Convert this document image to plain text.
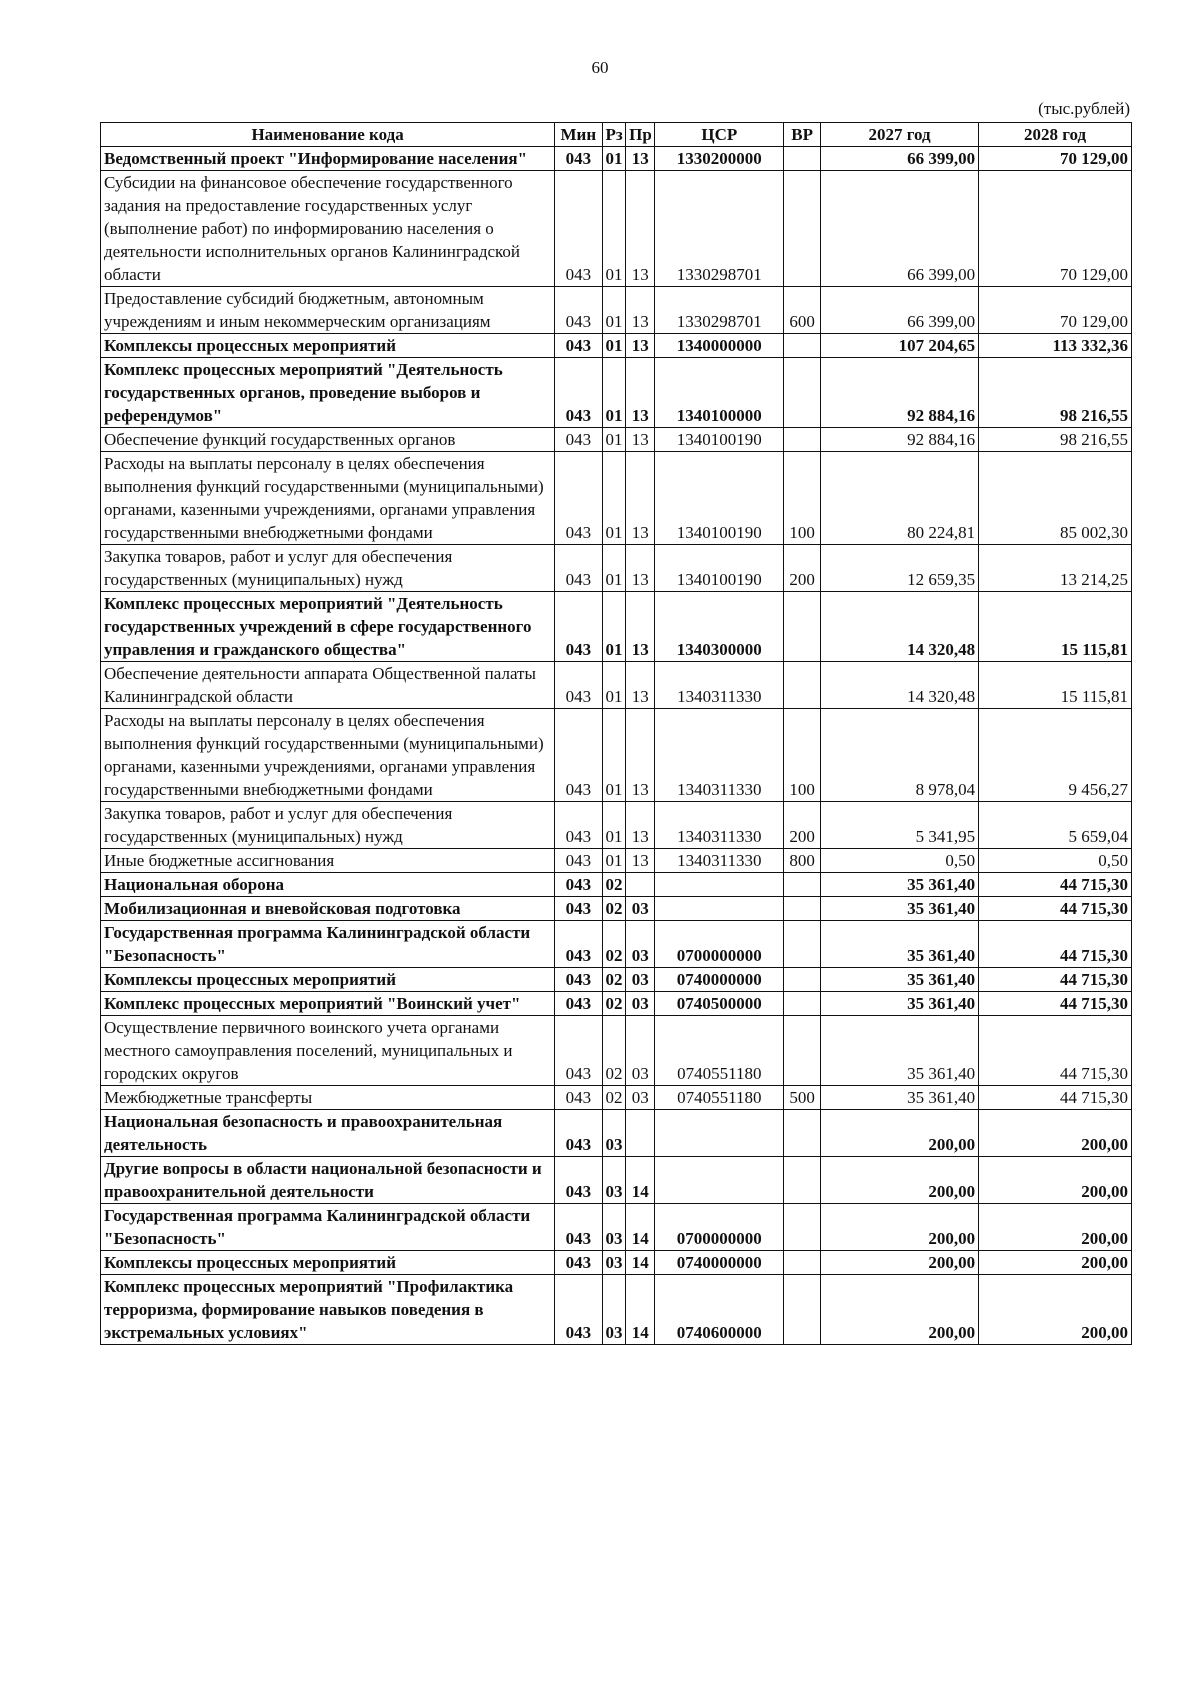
60
(тыс.рублей)
Наименование кода	Мин	Рз	Пр	ЦСР	ВР	2027 год	2028 год
Ведомственный проект "Информирование населения"	043	01	13	1330200000		66 399,00	70 129,00
Субсидии на финансовое обеспечение государственного задания на предоставление государственных услуг (выполнение работ) по информированию населения о деятельности исполнительных органов Калининградской области	043	01	13	1330298701		66 399,00	70 129,00
Предоставление субсидий бюджетным, автономным учреждениям и иным некоммерческим организациям	043	01	13	1330298701	600	66 399,00	70 129,00
Комплексы процессных мероприятий	043	01	13	1340000000		107 204,65	113 332,36
Комплекс процессных мероприятий "Деятельность государственных органов, проведение выборов и референдумов"	043	01	13	1340100000		92 884,16	98 216,55
Обеспечение функций государственных органов	043	01	13	1340100190		92 884,16	98 216,55
Расходы на выплаты персоналу в целях обеспечения выполнения функций государственными (муниципальными) органами, казенными учреждениями, органами управления государственными внебюджетными фондами	043	01	13	1340100190	100	80 224,81	85 002,30
Закупка товаров, работ и услуг для обеспечения государственных (муниципальных) нужд	043	01	13	1340100190	200	12 659,35	13 214,25
Комплекс процессных мероприятий "Деятельность государственных учреждений в сфере государственного управления и гражданского общества"	043	01	13	1340300000		14 320,48	15 115,81
Обеспечение деятельности аппарата Общественной палаты Калининградской области	043	01	13	1340311330		14 320,48	15 115,81
Расходы на выплаты персоналу в целях обеспечения выполнения функций государственными (муниципальными) органами, казенными учреждениями, органами управления государственными внебюджетными фондами	043	01	13	1340311330	100	8 978,04	9 456,27
Закупка товаров, работ и услуг для обеспечения государственных (муниципальных) нужд	043	01	13	1340311330	200	5 341,95	5 659,04
Иные бюджетные ассигнования	043	01	13	1340311330	800	0,50	0,50
Национальная оборона	043	02				35 361,40	44 715,30
Мобилизационная и вневойсковая подготовка	043	02	03			35 361,40	44 715,30
Государственная программа Калининградской области "Безопасность"	043	02	03	0700000000		35 361,40	44 715,30
Комплексы процессных мероприятий	043	02	03	0740000000		35 361,40	44 715,30
Комплекс процессных мероприятий "Воинский учет"	043	02	03	0740500000		35 361,40	44 715,30
Осуществление первичного воинского учета органами местного самоуправления поселений, муниципальных и городских округов	043	02	03	0740551180		35 361,40	44 715,30
Межбюджетные трансферты	043	02	03	0740551180	500	35 361,40	44 715,30
Национальная безопасность и правоохранительная деятельность	043	03				200,00	200,00
Другие вопросы в области национальной безопасности и правоохранительной деятельности	043	03	14			200,00	200,00
Государственная программа Калининградской области "Безопасность"	043	03	14	0700000000		200,00	200,00
Комплексы процессных мероприятий	043	03	14	0740000000		200,00	200,00
Комплекс процессных мероприятий "Профилактика терроризма, формирование навыков поведения в экстремальных условиях"	043	03	14	0740600000		200,00	200,00
